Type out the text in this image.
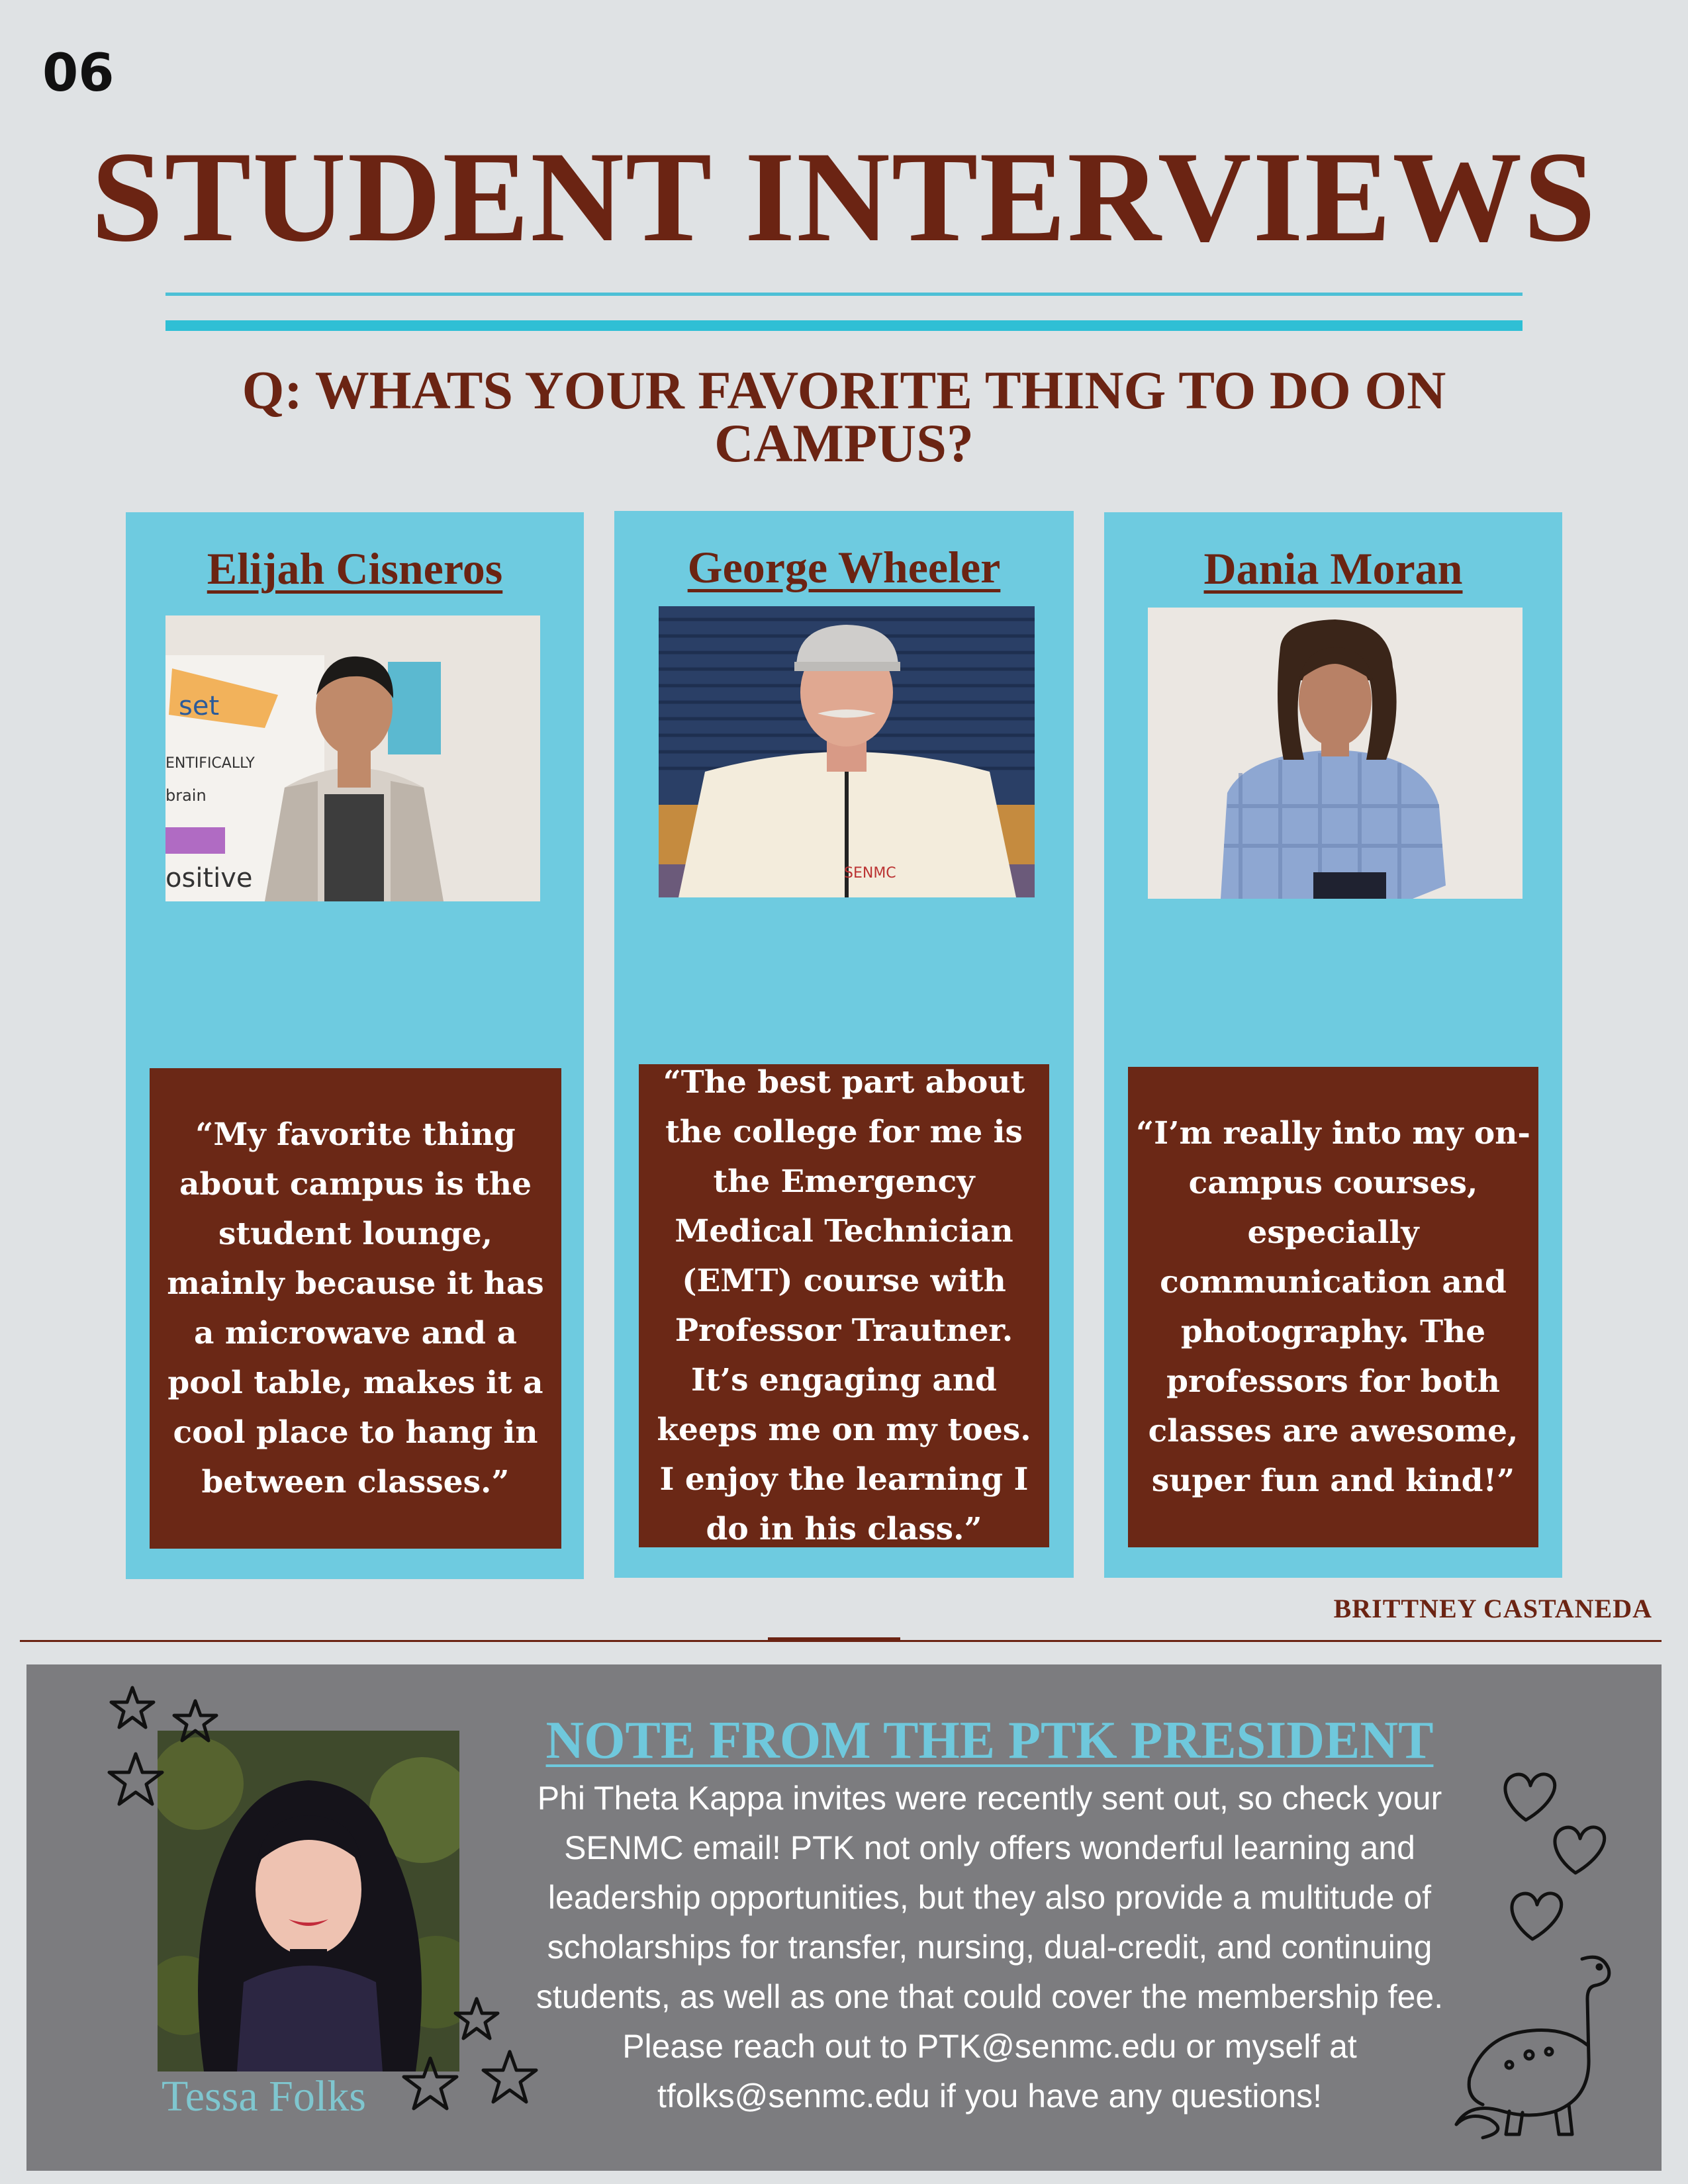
06
STUDENT INTERVIEWS
Q: WHATS YOUR FAVORITE THING TO DO ON CAMPUS?
Elijah Cisneros
set
ENTIFICALLY
brain
ositive
“My favorite thing about campus is the student lounge, mainly because it has a microwave and a pool table, makes it a cool place to hang in between classes.”
George Wheeler
SENMC
“The best part about the college for me is the Emergency Medical Technician (EMT) course with Professor Trautner. It’s engaging and keeps me on my toes. I enjoy the learning I do in his class.”
Dania Moran
“I’m really into my on-campus courses, especially communication and photography. The professors for both classes are awesome, super fun and kind!”
BRITTNEY CASTANEDA
Tessa Folks
NOTE FROM THE PTK PRESIDENT

Phi Theta Kappa invites were recently sent out, so check your SENMC email! PTK not only offers wonderful learning and leadership opportunities, but they also provide a multitude of scholarships for transfer, nursing, dual-credit, and continuing students, as well as one that could cover the membership fee. Please reach out to PTK@senmc.edu or myself at tfolks@senmc.edu if you have any questions!
